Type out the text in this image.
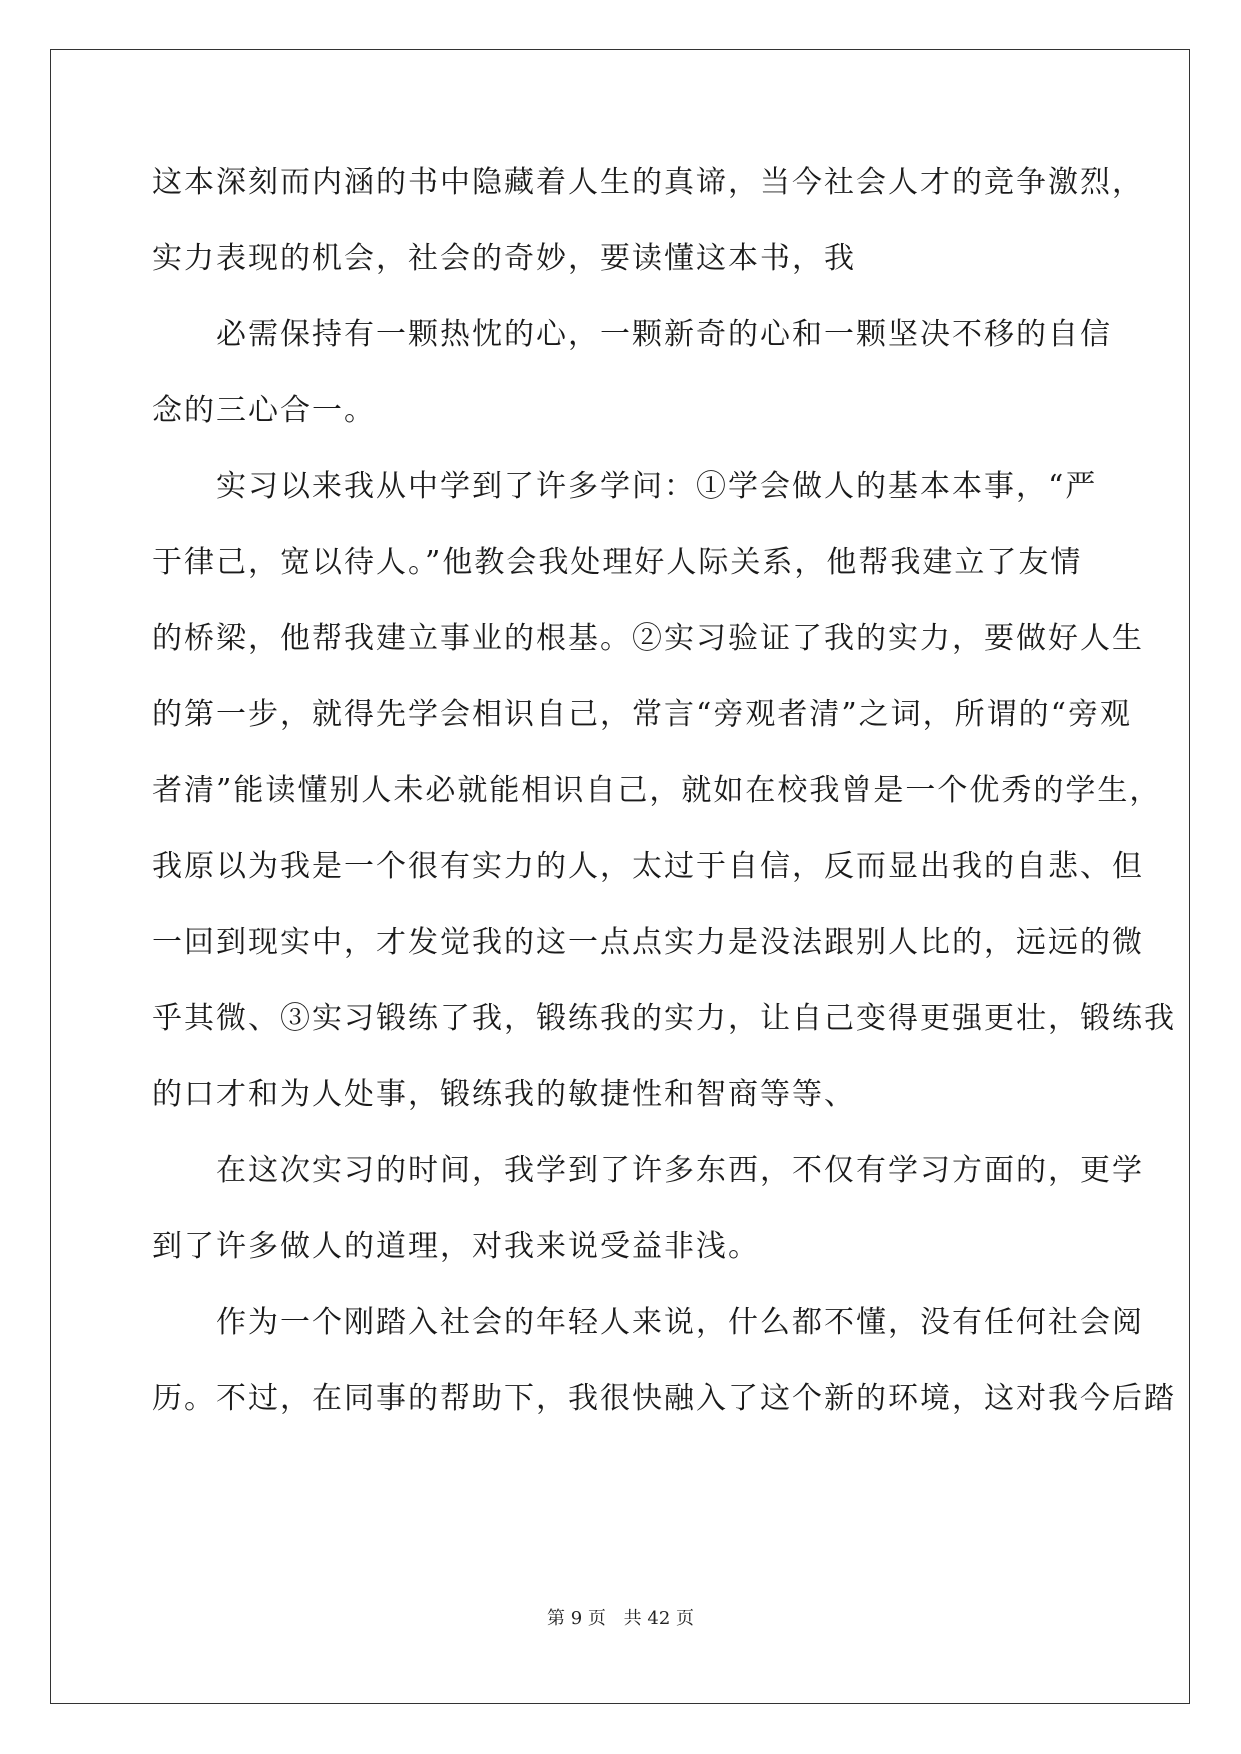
这本深刻而内涵的书中隐藏着人生的真谛，当今社会人才的竞争激烈，
实力表现的机会，社会的奇妙，要读懂这本书，我
必需保持有一颗热忱的心，一颗新奇的心和一颗坚决不移的自信
念的三心合一。
实习以来我从中学到了许多学问：①学会做人的基本本事，“严
于律己，宽以待人。”他教会我处理好人际关系，他帮我建立了友情
的桥梁，他帮我建立事业的根基。②实习验证了我的实力，要做好人生
的第一步，就得先学会相识自己，常言“旁观者清”之词，所谓的“旁观
者清”能读懂别人未必就能相识自己，就如在校我曾是一个优秀的学生，
我原以为我是一个很有实力的人，太过于自信，反而显出我的自悲、但
一回到现实中，才发觉我的这一点点实力是没法跟别人比的，远远的微
乎其微、③实习锻练了我，锻练我的实力，让自己变得更强更壮，锻练我
的口才和为人处事，锻练我的敏捷性和智商等等、
在这次实习的时间，我学到了许多东西，不仅有学习方面的，更学
到了许多做人的道理，对我来说受益非浅。
作为一个刚踏入社会的年轻人来说，什么都不懂，没有任何社会阅
历。不过，在同事的帮助下，我很快融入了这个新的环境，这对我今后踏
第 9 页 共 42 页
